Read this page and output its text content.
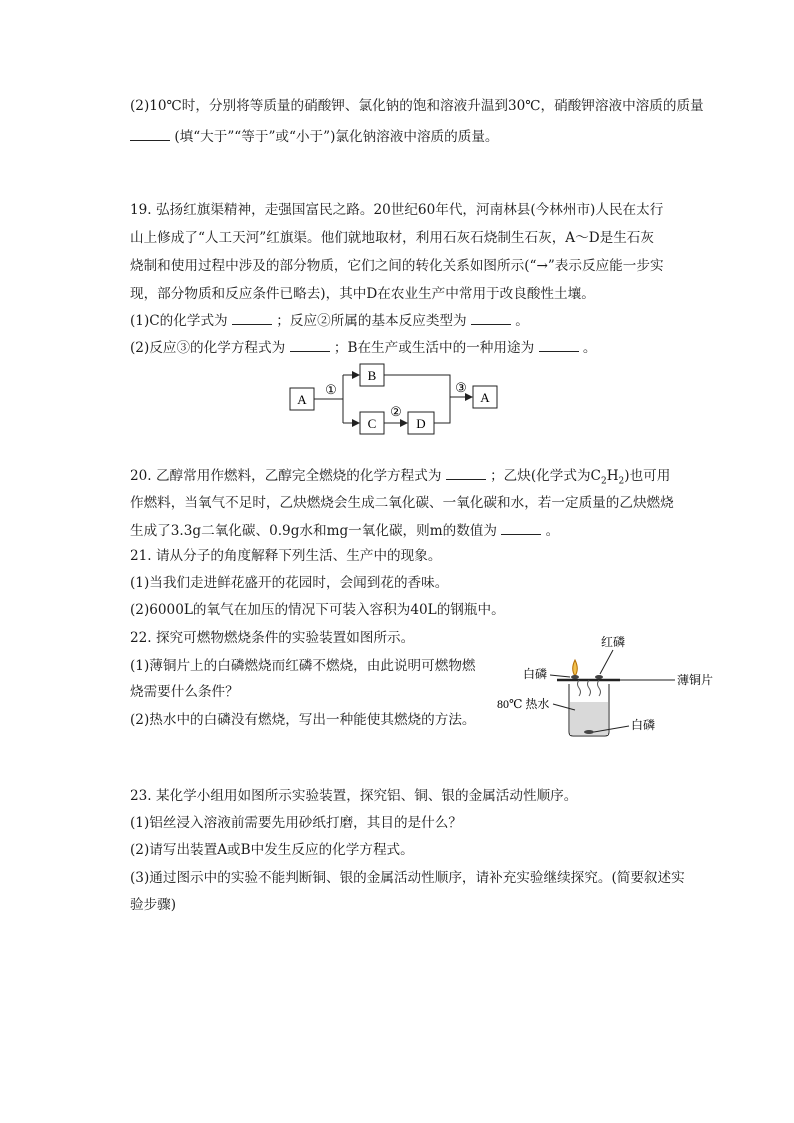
(2)10℃时，分别将等质量的硝酸钾、氯化钠的饱和溶液升温到30℃，硝酸钾溶液中溶质的质量
(填“大于”“等于”或“小于”)氯化钠溶液中溶质的质量。
19. 弘扬红旗渠精神，走强国富民之路。20世纪60年代，河南林县(今林州市)人民在太行
山上修成了“人工天河”红旗渠。他们就地取材，利用石灰石烧制生石灰，A～D是生石灰
烧制和使用过程中涉及的部分物质，它们之间的转化关系如图所示(“→”表示反应能一步实
现，部分物质和反应条件已略去)，其中D在农业生产中常用于改良酸性土壤。
(1)C的化学式为	；反应②所属的基本反应类型为	。
(2)反应③的化学方程式为	；B在生产或生活中的一种用途为	。
A
B
C	D
A
①
②
③
20. 乙醇常用作燃料，乙醇完全燃烧的化学方程式为	；乙炔(化学式为$C_2H_2$)也可用
作燃料，当氧气不足时，乙炔燃烧会生成二氧化碳、一氧化碳和水，若一定质量的乙炔燃烧
生成了3.3g二氧化碳、0.9g水和mg一氧化碳，则m的数值为	。
21. 请从分子的角度解释下列生活、生产中的现象。
(1)当我们走进鲜花盛开的花园时，会闻到花的香味。
(2)6000L的氧气在加压的情况下可装入容积为40L的钢瓶中。
22. 探究可燃物燃烧条件的实验装置如图所示。
(1)薄铜片上的白磷燃烧而红磷不燃烧，由此说明可燃物燃
烧需要什么条件？
(2)热水中的白磷没有燃烧，写出一种能使其燃烧的方法。
红磷
白磷	薄铜片
80℃ 热水
白磷
23. 某化学小组用如图所示实验装置，探究铝、铜、银的金属活动性顺序。
(1)铝丝浸入溶液前需要先用砂纸打磨，其目的是什么？
(2)请写出装置A或B中发生反应的化学方程式。
(3)通过图示中的实验不能判断铜、银的金属活动性顺序，请补充实验继续探究。(简要叙述实
验步骤)
